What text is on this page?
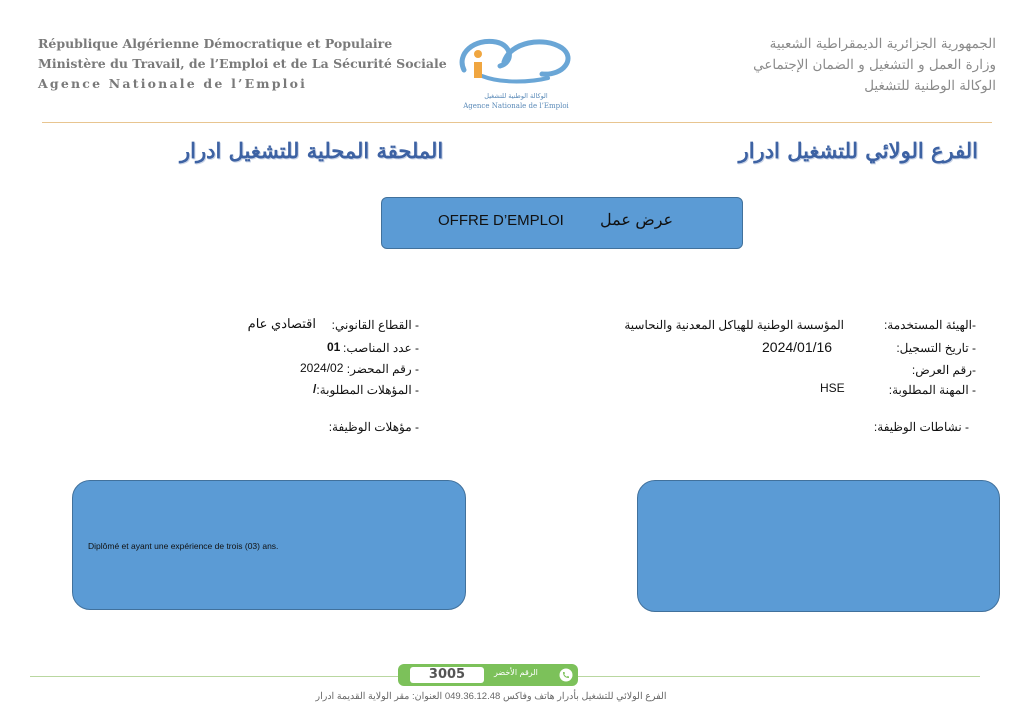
République Algérienne Démocratique et Populaire
Ministère du Travail, de l’Emploi et de La Sécurité Sociale
Agence Nationale de l’Emploi
الوكالة الوطنية للتشغيل
Agence Nationale de l’Emploi
الجمهورية الجزائرية الديمقراطية الشعبية
وزارة العمل و التشغيل و الضمان الإجتماعي
الوكالة الوطنية للتشغيل
الفرع الولائي للتشغيل ادرار
الملحقة المحلية للتشغيل ادرار
OFFRE D’EMPLOI عرض عمل
-الهيئة المستخدمة:
المؤسسة الوطنية للهياكل المعدنية والنحاسية
- تاريخ التسجيل:
2024/01/16
-رقم العرض:
- المهنة المطلوبة:
HSE
- نشاطات الوظيفة:
- القطاع القانوني:
اقتصادي عام
- عدد المناصب:
01
- رقم المحضر:
2024/02
- المؤهلات المطلوبة:
/
- مؤهلات الوظيفة:
Diplômé et ayant une expérience de trois (03) ans.
3005	الرقم الأخضر
الفرع الولائي للتشغيل بأدرار هاتف وفاكس 049.36.12.48 العنوان: مقر الولاية القديمة ادرار
